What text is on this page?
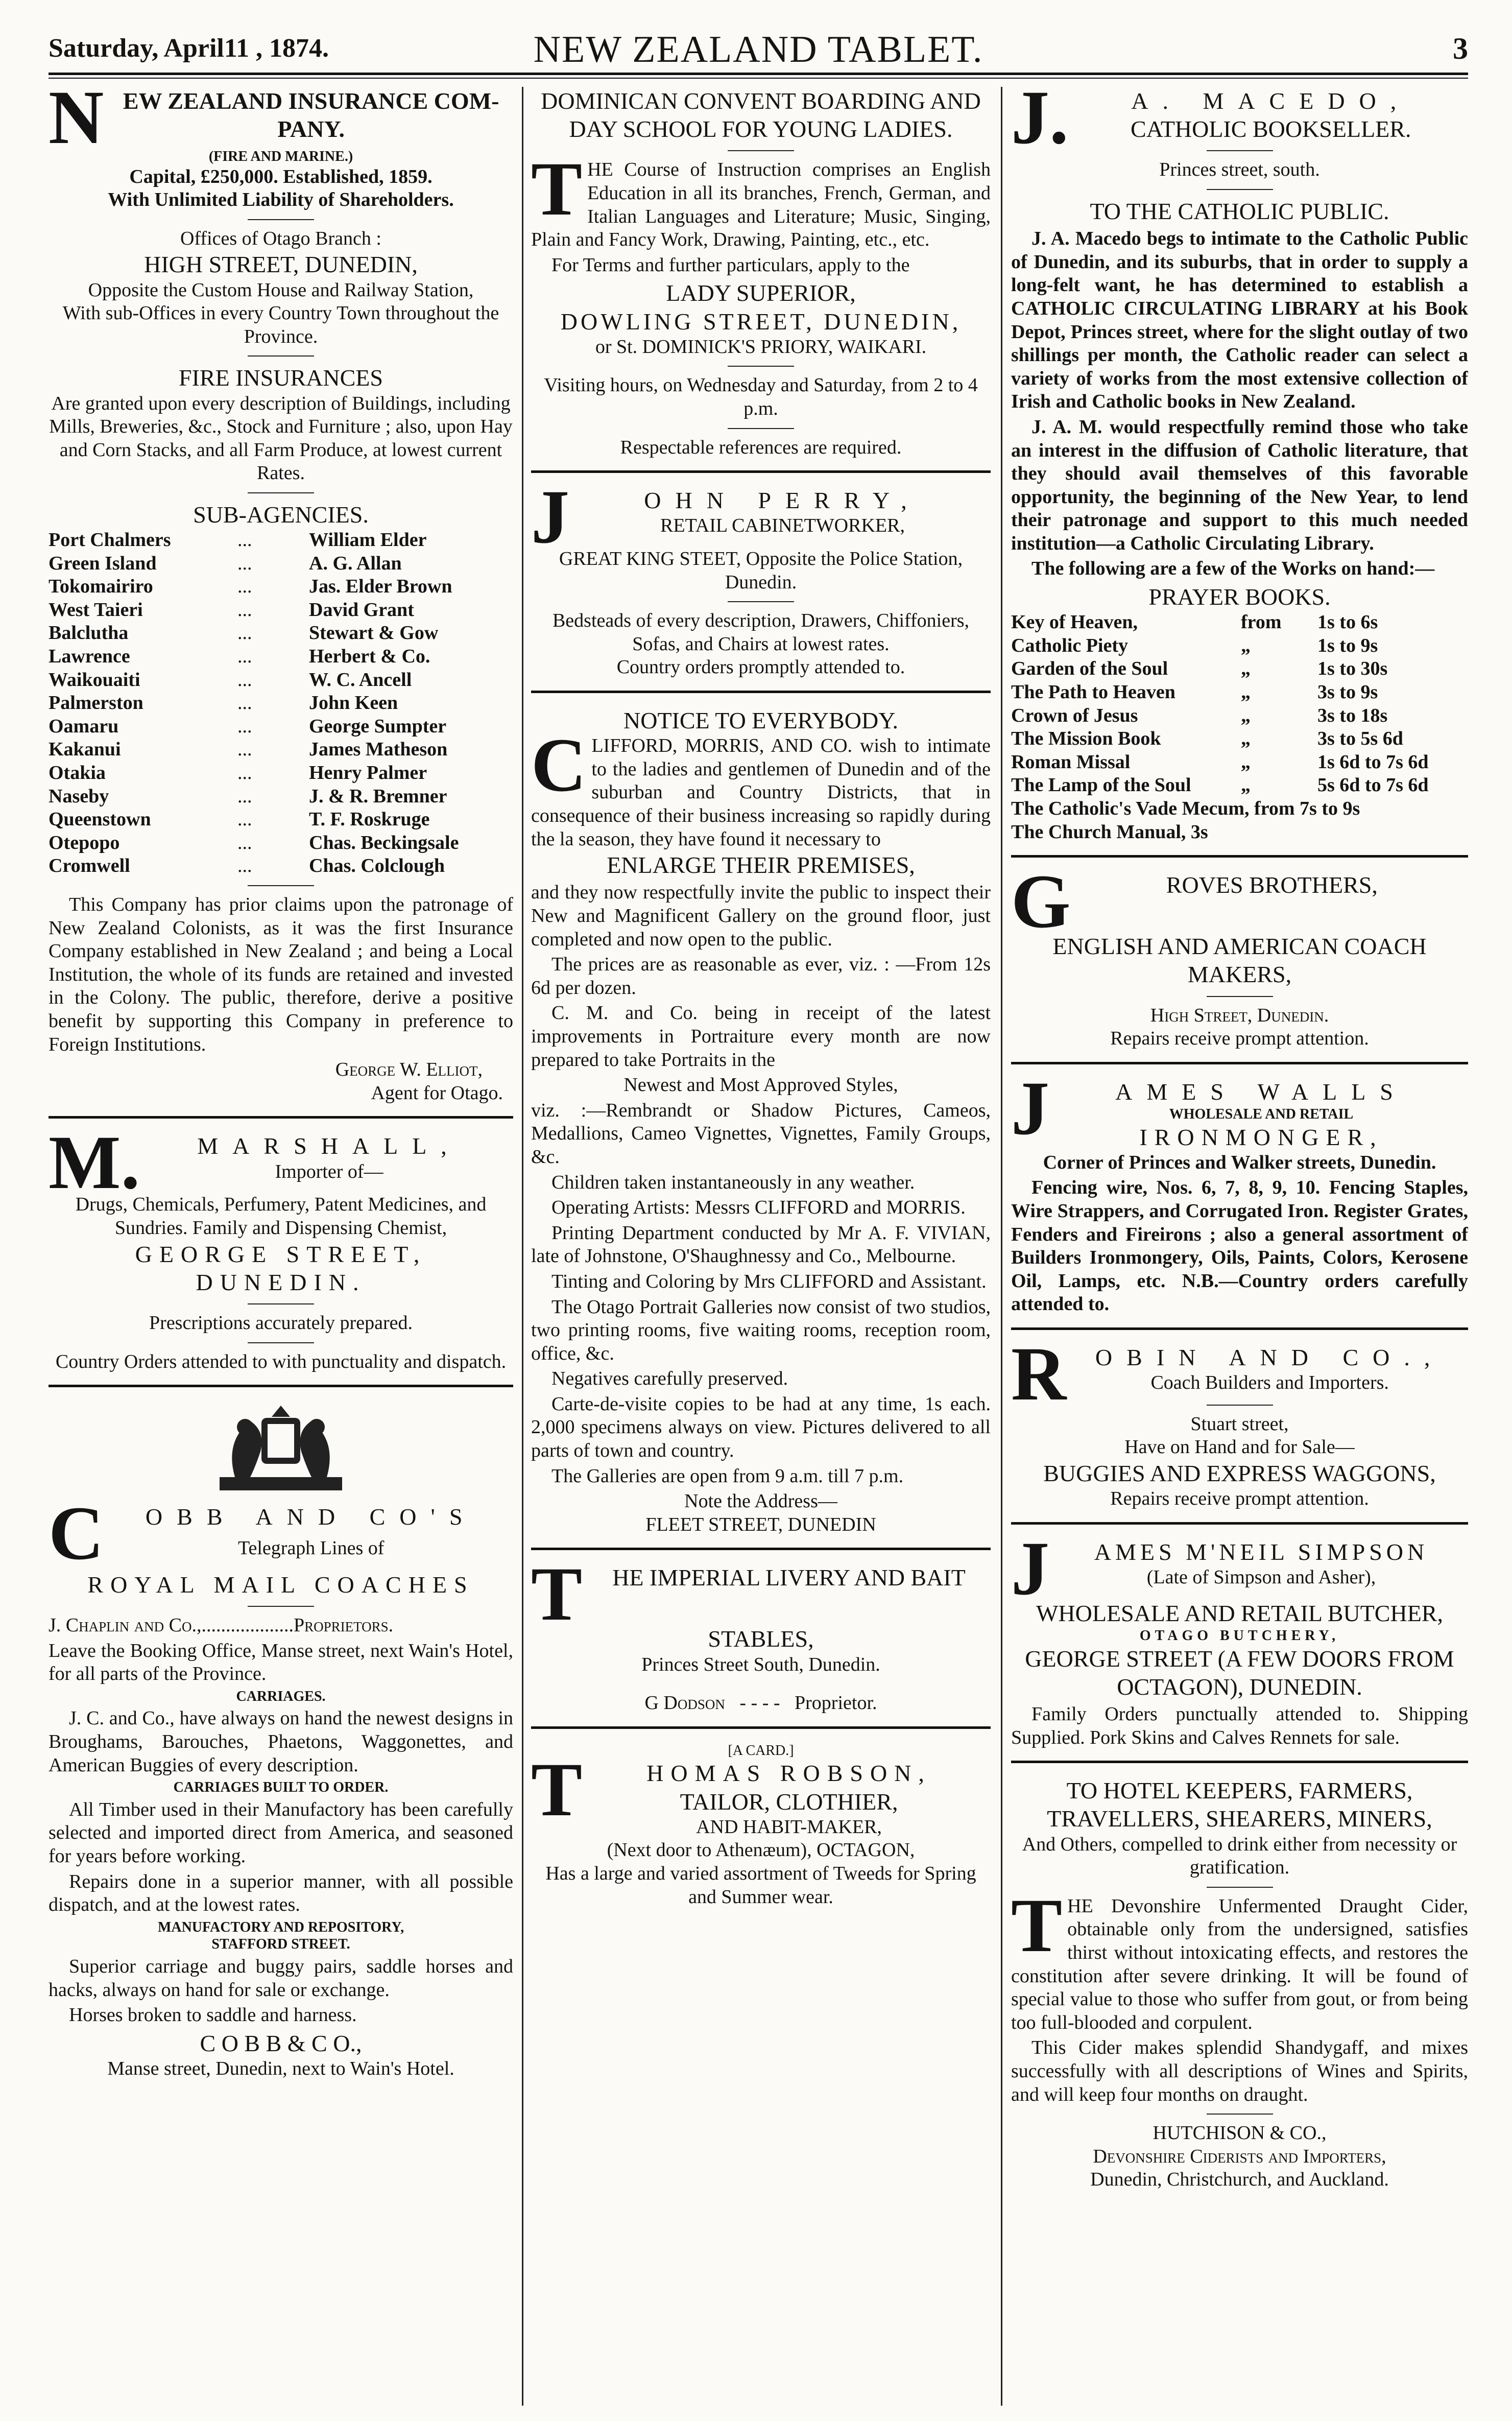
Saturday, April11 , 1874.	NEW ZEALAND TABLET.	3
N EW ZEALAND INSURANCE COM-PANY.
(FIRE AND MARINE.)
Capital, £250,000. Established, 1859.
With Unlimited Liability of Shareholders.
Offices of Otago Branch :
HIGH STREET, DUNEDIN,
Opposite the Custom House and Railway Station,
With sub-Offices in every Country Town throughout the Province.
FIRE INSURANCES
Are granted upon every description of Buildings, including Mills, Breweries, &c., Stock and Furniture ; also, upon Hay and Corn Stacks, and all Farm Produce, at lowest current Rates.
SUB-AGENCIES.
Port Chalmers	...	William Elder
Green Island	...	A. G. Allan
Tokomairiro	...	Jas. Elder Brown
West Taieri	...	David Grant
Balclutha	...	Stewart & Gow
Lawrence	...	Herbert & Co.
Waikouaiti	...	W. C. Ancell
Palmerston	...	John Keen
Oamaru	...	George Sumpter
Kakanui	...	James Matheson
Otakia	...	Henry Palmer
Naseby	...	J. & R. Bremner
Queenstown	...	T. F. Roskruge
Otepopo	...	Chas. Beckingsale
Cromwell	...	Chas. Colclough

This Company has prior claims upon the patronage of New Zealand Colonists, as it was the first Insurance Company established in New Zealand ; and being a Local Institution, the whole of its funds are retained and invested in the Colony. The public, therefore, derive a positive benefit by supporting this Company in preference to Foreign Institutions.

George W. Elliot,
Agent for Otago.
M.	MARSHALL,
Importer of—
Drugs, Chemicals, Perfumery, Patent Medicines, and Sundries. Family and Dispensing Chemist,
GEORGE STREET, DUNEDIN.
Prescriptions accurately prepared.
Country Orders attended to with punctuality and dispatch.
C	OBB AND CO'S
Telegraph Lines of
ROYAL MAIL COACHES
J. Chaplin and Co.,...................Proprietors.

Leave the Booking Office, Manse street, next Wain's Hotel, for all parts of the Province.

CARRIAGES.

J. C. and Co., have always on hand the newest designs in Broughams, Barouches, Phaetons, Waggonettes, and American Buggies of every description.

CARRIAGES BUILT TO ORDER.

All Timber used in their Manufactory has been carefully selected and imported direct from America, and seasoned for years before working.

Repairs done in a superior manner, with all possible dispatch, and at the lowest rates.

MANUFACTORY AND REPOSITORY,
STAFFORD STREET.

Superior carriage and buggy pairs, saddle horses and hacks, always on hand for sale or exchange.

Horses broken to saddle and harness.

C O B B & C O.,
Manse street, Dunedin, next to Wain's Hotel.
DOMINICAN CONVENT BOARDING AND DAY SCHOOL FOR YOUNG LADIES.
T HE Course of Instruction comprises an English Education in all its branches, French, German, and Italian Languages and Literature; Music, Singing, Plain and Fancy Work, Drawing, Painting, etc., etc.

For Terms and further particulars, apply to the

LADY SUPERIOR,
DOWLING STREET, DUNEDIN,
or St. DOMINICK'S PRIORY, WAIKARI.
Visiting hours, on Wednesday and Saturday, from 2 to 4 p.m.
Respectable references are required.
J	OHN PERRY,
RETAIL CABINETWORKER,
GREAT KING STEET, Opposite the Police Station, Dunedin.
Bedsteads of every description, Drawers, Chiffoniers, Sofas, and Chairs at lowest rates.
Country orders promptly attended to.
NOTICE TO EVERYBODY.
C LIFFORD, MORRIS, AND CO. wish to intimate to the ladies and gentlemen of Dunedin and of the suburban and Country Districts, that in consequence of their business increasing so rapidly during the la season, they have found it necessary to
ENLARGE THEIR PREMISES,

and they now respectfully invite the public to inspect their New and Magnificent Gallery on the ground floor, just completed and now open to the public.

The prices are as reasonable as ever, viz. : —From 12s 6d per dozen.

C. M. and Co. being in receipt of the latest improvements in Portraiture every month are now prepared to take Portraits in the

Newest and Most Approved Styles,

viz. :—Rembrandt or Shadow Pictures, Cameos, Medallions, Cameo Vignettes, Vignettes, Family Groups, &c.

Children taken instantaneously in any weather.

Operating Artists: Messrs CLIFFORD and MORRIS.

Printing Department conducted by Mr A. F. VIVIAN, late of Johnstone, O'Shaughnessy and Co., Melbourne.

Tinting and Coloring by Mrs CLIFFORD and Assistant.

The Otago Portrait Galleries now consist of two studios, two printing rooms, five waiting rooms, reception room, office, &c.

Negatives carefully preserved.

Carte-de-visite copies to be had at any time, 1s each. 2,000 specimens always on view. Pictures delivered to all parts of town and country.

The Galleries are open from 9 a.m. till 7 p.m.

Note the Address—
FLEET STREET, DUNEDIN
T	HE IMPERIAL LIVERY AND BAIT
STABLES,
Princes Street South, Dunedin.
G Dodson - - - - Proprietor.
[A CARD.]
T	HOMAS ROBSON,
TAILOR, CLOTHIER,
AND HABIT-MAKER,
(Next door to Athenæum), OCTAGON,
Has a large and varied assortment of Tweeds for Spring and Summer wear.
J.	A. MACEDO,
CATHOLIC BOOKSELLER.
Princes street, south.
TO THE CATHOLIC PUBLIC.

J. A. Macedo begs to intimate to the Catholic Public of Dunedin, and its suburbs, that in order to supply a long-felt want, he has determined to establish a CATHOLIC CIRCULATING LIBRARY at his Book Depot, Princes street, where for the slight outlay of two shillings per month, the Catholic reader can select a variety of works from the most extensive collection of Irish and Catholic books in New Zealand.

J. A. M. would respectfully remind those who take an interest in the diffusion of Catholic literature, that they should avail themselves of this favorable opportunity, the beginning of the New Year, to lend their patronage and support to this much needed institution—a Catholic Circulating Library.

The following are a few of the Works on hand:—

PRAYER BOOKS.
Key of Heaven,	from	1s to 6s
Catholic Piety	„	1s to 9s
Garden of the Soul	„	1s to 30s
The Path to Heaven	„	3s to 9s
Crown of Jesus	„	3s to 18s
The Mission Book	„	3s to 5s 6d
Roman Missal	„	1s 6d to 7s 6d
The Lamp of the Soul	„	5s 6d to 7s 6d
The Catholic's Vade Mecum, from 7s to 9s
The Church Manual, 3s
G	ROVES BROTHERS,
ENGLISH AND AMERICAN COACH MAKERS,
High Street, Dunedin.
Repairs receive prompt attention.
J	AMES WALLS
WHOLESALE AND RETAIL
IRONMONGER,
Corner of Princes and Walker streets, Dunedin.

Fencing wire, Nos. 6, 7, 8, 9, 10. Fencing Staples, Wire Strappers, and Corrugated Iron. Register Grates, Fenders and Fireirons ; also a general assortment of Builders Ironmongery, Oils, Paints, Colors, Kerosene Oil, Lamps, etc. N.B.—Country orders carefully attended to.

R	OBIN AND CO.,
Coach Builders and Importers.
Stuart street,
Have on Hand and for Sale—
BUGGIES AND EXPRESS WAGGONS,
Repairs receive prompt attention.
J	AMES M'NEIL SIMPSON
(Late of Simpson and Asher),
WHOLESALE AND RETAIL BUTCHER,
OTAGO BUTCHERY,
GEORGE STREET (A FEW DOORS FROM OCTAGON), DUNEDIN.

Family Orders punctually attended to. Shipping Supplied. Pork Skins and Calves Rennets for sale.

TO HOTEL KEEPERS, FARMERS, TRAVELLERS, SHEARERS, MINERS,
And Others, compelled to drink either from necessity or gratification.
T HE Devonshire Unfermented Draught Cider, obtainable only from the undersigned, satisfies thirst without intoxicating effects, and restores the constitution after severe drinking. It will be found of special value to those who suffer from gout, or from being too full-blooded and corpulent.

This Cider makes splendid Shandygaff, and mixes successfully with all descriptions of Wines and Spirits, and will keep four months on draught.

HUTCHISON & CO.,
Devonshire Ciderists and Importers,
Dunedin, Christchurch, and Auckland.
